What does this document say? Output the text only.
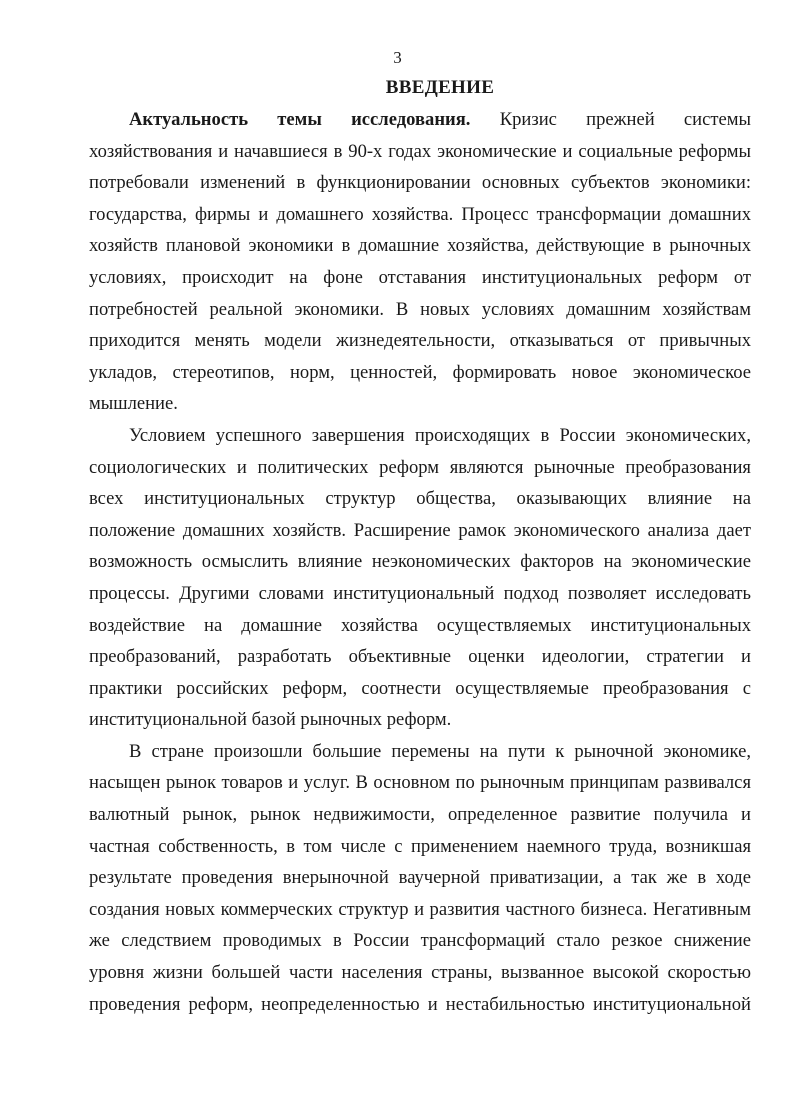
3
ВВЕДЕНИЕ

Актуальность темы исследования. Кризис прежней системы
хозяйствования и начавшиеся в 90-х годах экономические и социальные реформы
потребовали изменений в функционировании основных субъектов экономики:
государства, фирмы и домашнего хозяйства. Процесс трансформации домашних
хозяйств плановой экономики в домашние хозяйства, действующие в рыночных
условиях, происходит на фоне отставания институциональных реформ от
потребностей реальной экономики. В новых условиях домашним хозяйствам
приходится менять модели жизнедеятельности, отказываться от привычных
укладов, стереотипов, норм, ценностей, формировать новое экономическое
мышление.

Условием успешного завершения происходящих в России экономических,
социологических и политических реформ являются рыночные преобразования
всех институциональных структур общества, оказывающих влияние на
положение домашних хозяйств. Расширение рамок экономического анализа дает
возможность осмыслить влияние неэкономических факторов на экономические
процессы. Другими словами институциональный подход позволяет исследовать
воздействие на домашние хозяйства осуществляемых институциональных
преобразований, разработать объективные оценки идеологии, стратегии и
практики российских реформ, соотнести осуществляемые преобразования с
институциональной базой рыночных реформ.

В стране произошли большие перемены на пути к рыночной экономике,
насыщен рынок товаров и услуг. В основном по рыночным принципам развивался
валютный рынок, рынок недвижимости, определенное развитие получила и
частная собственность, в том числе с применением наемного труда, возникшая
результате проведения внерыночной ваучерной приватизации, а так же в ходе
создания новых коммерческих структур и развития частного бизнеса. Негативным
же следствием проводимых в России трансформаций стало резкое снижение
уровня жизни большей части населения страны, вызванное высокой скоростью
проведения реформ, неопределенностью и нестабильностью институциональной
